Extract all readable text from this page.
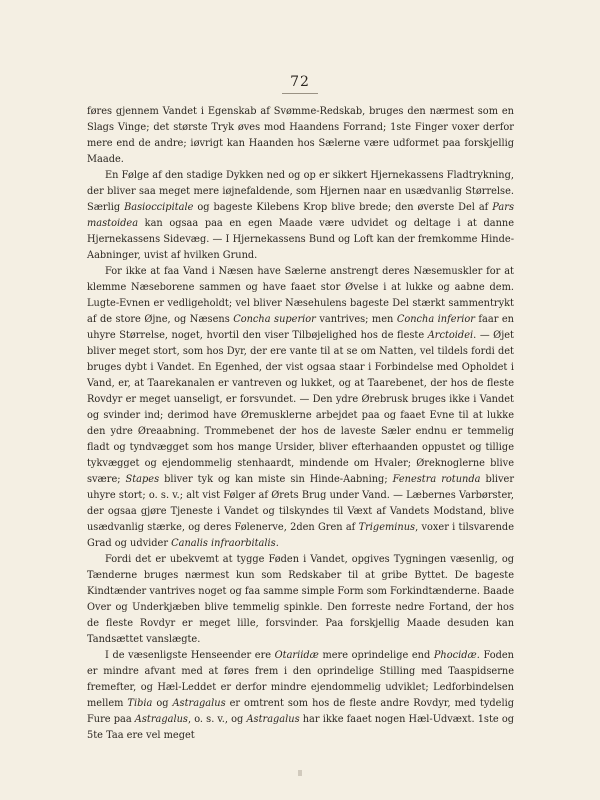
72

føres gjennem Vandet i Egenskab af Svømme-Redskab, bruges den nærmest som en Slags Vinge; det største Tryk øves mod Haandens Forrand; 1ste Finger voxer derfor mere end de andre; iøvrigt kan Haanden hos Sælerne være udformet paa forskjellig Maade.

En Følge af den stadige Dykken ned og op er sikkert Hjernekassens Fladtrykning, der bliver saa meget mere iøjnefaldende, som Hjernen naar en usædvanlig Størrelse. Særlig Basioccipitale og bageste Kilebens Krop blive brede; den øverste Del af Pars mastoidea kan ogsaa paa en egen Maade være udvidet og deltage i at danne Hjernekassens Sidevæg. — I Hjernekassens Bund og Loft kan der fremkomme Hinde-Aabninger, uvist af hvilken Grund.

For ikke at faa Vand i Næsen have Sælerne anstrengt deres Næsemuskler for at klemme Næseborene sammen og have faaet stor Øvelse i at lukke og aabne dem. Lugte-Evnen er vedligeholdt; vel bliver Næsehulens bageste Del stærkt sammentrykt af de store Øjne, og Næsens Concha superior vantrives; men Concha inferior faar en uhyre Størrelse, noget, hvortil den viser Tilbøjelighed hos de fleste Arctoidei. — Øjet bliver meget stort, som hos Dyr, der ere vante til at se om Natten, vel tildels fordi det bruges dybt i Vandet. En Egenhed, der vist ogsaa staar i Forbindelse med Opholdet i Vand, er, at Taarekanalen er vantreven og lukket, og at Taarebenet, der hos de fleste Rovdyr er meget uanseligt, er forsvundet. — Den ydre Ørebrusk bruges ikke i Vandet og svinder ind; derimod have Øremusklerne arbejdet paa og faaet Evne til at lukke den ydre Øreaabning. Trommebenet der hos de laveste Sæler endnu er temmelig fladt og tyndvægget som hos mange Ursider, bliver efterhaanden oppustet og tillige tykvægget og ejendommelig stenhaardt, mindende om Hvaler; Øreknoglerne blive svære; Stapes bliver tyk og kan miste sin Hinde-Aabning; Fenestra rotunda bliver uhyre stort; o. s. v.; alt vist Følger af Ørets Brug under Vand. — Læbernes Varbørster, der ogsaa gjøre Tjeneste i Vandet og tilskyndes til Væxt af Vandets Modstand, blive usædvanlig stærke, og deres Følenerve, 2den Gren af Trigeminus, voxer i tilsvarende Grad og udvider Canalis infraorbitalis.

Fordi det er ubekvemt at tygge Føden i Vandet, opgives Tygningen væsenlig, og Tænderne bruges nærmest kun som Redskaber til at gribe Byttet. De bageste Kindtænder vantrives noget og faa samme simple Form som Forkindtænderne. Baade Over og Underkjæben blive temmelig spinkle. Den forreste nedre Fortand, der hos de fleste Rovdyr er meget lille, forsvinder. Paa forskjellig Maade desuden kan Tandsættet vanslægte.

I de væsenligste Henseender ere Otariidæ mere oprindelige end Phocidæ. Foden er mindre afvant med at føres frem i den oprindelige Stilling med Taaspidserne fremefter, og Hæl-Leddet er derfor mindre ejendommelig udviklet; Ledforbindelsen mellem Tibia og Astragalus er omtrent som hos de fleste andre Rovdyr, med tydelig Fure paa Astragalus, o. s. v., og Astragalus har ikke faaet nogen Hæl-Udvæxt. 1ste og 5te Taa ere vel meget
